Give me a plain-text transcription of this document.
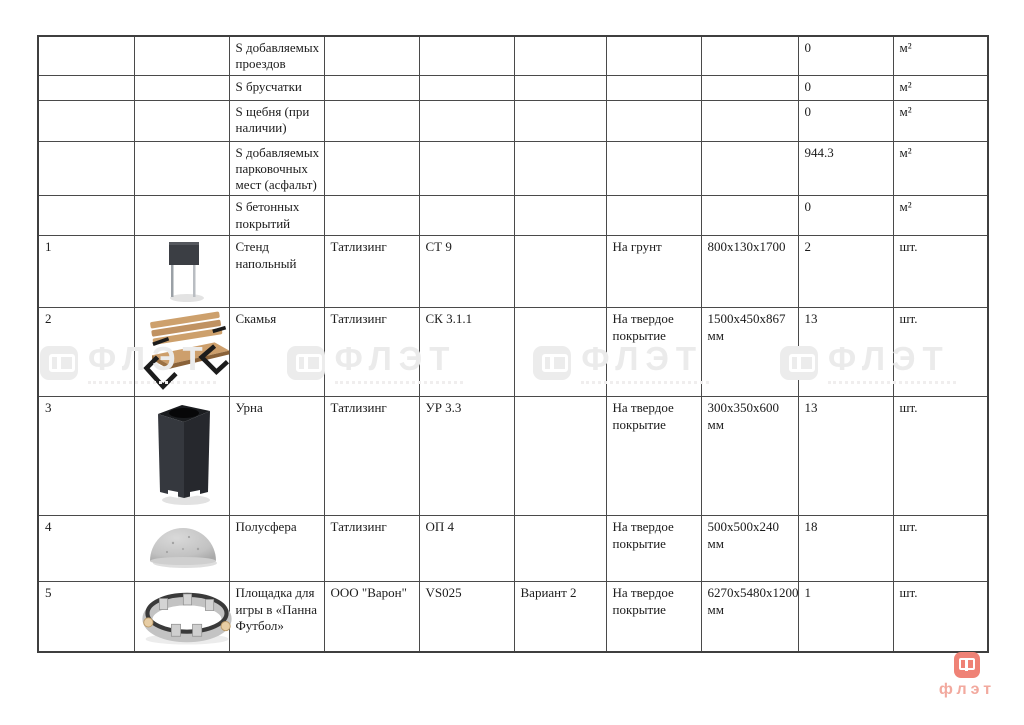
		S добавляемых проездов						0	м²
		S брусчатки						0	м²
		S щебня (при наличии)						0	м²
		S добавляемых парковочных мест (асфальт)						944.3	м²
		S бетонных покрытий						0	м²
1		Стенд напольный	Татлизинг	СТ 9		На грунт	800х130х1700	2	шт.
2		Скамья	Татлизинг	СК 3.1.1		На твердое покрытие	1500х450х867 мм	13	шт.
3		Урна	Татлизинг	УР 3.3		На твердое покрытие	300х350х600 мм	13	шт.
4		Полусфера	Татлизинг	ОП 4		На твердое покрытие	500х500х240 мм	18	шт.
5		Площадка для игры в «Панна Футбол»	ООО "Варон"	VS025	Вариант 2	На твердое покрытие	6270х5480х1200 мм	1	шт.
ФЛЭТ	ФЛЭТ	ФЛЭТ	ФЛЭТ
флэт
